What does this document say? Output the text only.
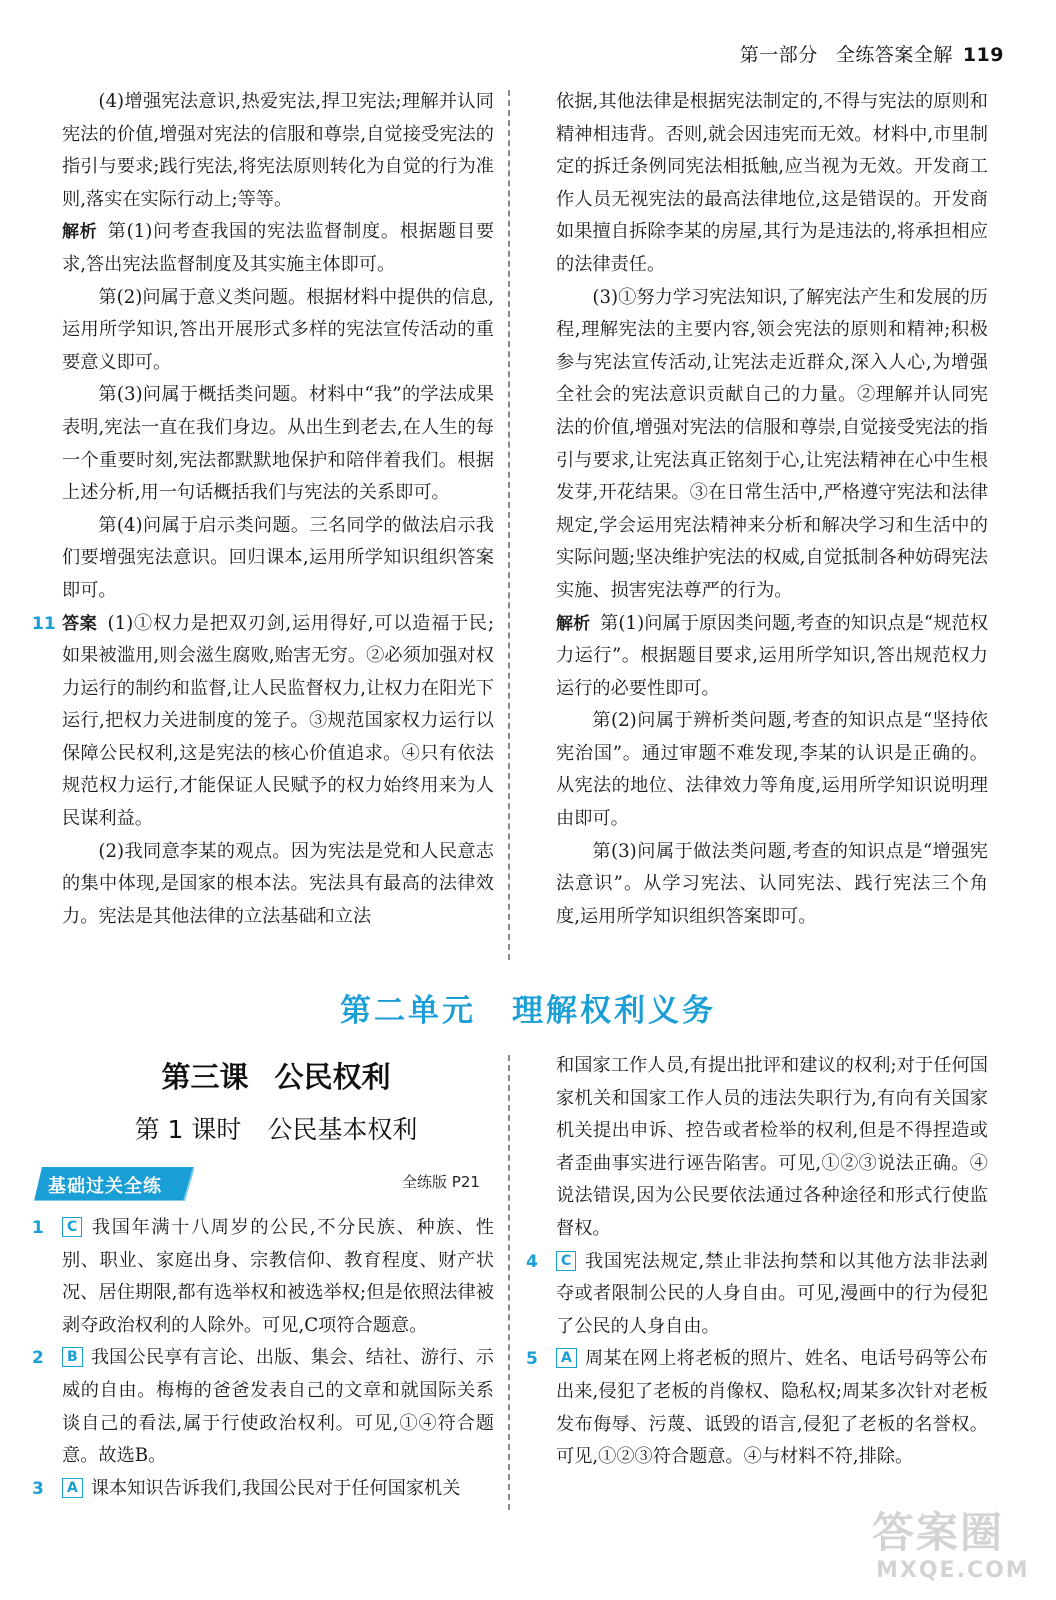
第一部分 全练答案全解 119

(4)增强宪法意识,热爱宪法,捍卫宪法;理解并认同宪法的价值,增强对宪法的信服和尊崇,自觉接受宪法的指引与要求;践行宪法,将宪法原则转化为自觉的行为准则,落实在实际行动上;等等。

解析 第(1)问考查我国的宪法监督制度。根据题目要求,答出宪法监督制度及其实施主体即可。

第(2)问属于意义类问题。根据材料中提供的信息,运用所学知识,答出开展形式多样的宪法宣传活动的重要意义即可。

第(3)问属于概括类问题。材料中“我”的学法成果表明,宪法一直在我们身边。从出生到老去,在人生的每一个重要时刻,宪法都默默地保护和陪伴着我们。根据上述分析,用一句话概括我们与宪法的关系即可。

第(4)问属于启示类问题。三名同学的做法启示我们要增强宪法意识。回归课本,运用所学知识组织答案即可。

11 答案 (1)①权力是把双刃剑,运用得好,可以造福于民;如果被滥用,则会滋生腐败,贻害无穷。②必须加强对权力运行的制约和监督,让人民监督权力,让权力在阳光下运行,把权力关进制度的笼子。③规范国家权力运行以保障公民权利,这是宪法的核心价值追求。④只有依法规范权力运行,才能保证人民赋予的权力始终用来为人民谋利益。

(2)我同意李某的观点。因为宪法是党和人民意志的集中体现,是国家的根本法。宪法具有最高的法律效力。宪法是其他法律的立法基础和立法

依据,其他法律是根据宪法制定的,不得与宪法的原则和精神相违背。否则,就会因违宪而无效。材料中,市里制定的拆迁条例同宪法相抵触,应当视为无效。开发商工作人员无视宪法的最高法律地位,这是错误的。开发商如果擅自拆除李某的房屋,其行为是违法的,将承担相应的法律责任。

(3)①努力学习宪法知识,了解宪法产生和发展的历程,理解宪法的主要内容,领会宪法的原则和精神;积极参与宪法宣传活动,让宪法走近群众,深入人心,为增强全社会的宪法意识贡献自己的力量。②理解并认同宪法的价值,增强对宪法的信服和尊崇,自觉接受宪法的指引与要求,让宪法真正铭刻于心,让宪法精神在心中生根发芽,开花结果。③在日常生活中,严格遵守宪法和法律规定,学会运用宪法精神来分析和解决学习和生活中的实际问题;坚决维护宪法的权威,自觉抵制各种妨碍宪法实施、损害宪法尊严的行为。

解析 第(1)问属于原因类问题,考查的知识点是“规范权力运行”。根据题目要求,运用所学知识,答出规范权力运行的必要性即可。

第(2)问属于辨析类问题,考查的知识点是“坚持依宪治国”。通过审题不难发现,李某的认识是正确的。从宪法的地位、法律效力等角度,运用所学知识说明理由即可。

第(3)问属于做法类问题,考查的知识点是“增强宪法意识”。从学习宪法、认同宪法、践行宪法三个角度,运用所学知识组织答案即可。

第二单元 理解权利义务
第三课 公民权利
第 1 课时 公民基本权利
基础过关全练	全练版 P21
1	C 我国年满十八周岁的公民,不分民族、种族、性别、职业、家庭出身、宗教信仰、教育程度、财产状况、居住期限,都有选举权和被选举权;但是依照法律被剥夺政治权利的人除外。可见,C项符合题意。

2	B 我国公民享有言论、出版、集会、结社、游行、示威的自由。梅梅的爸爸发表自己的文章和就国际关系谈自己的看法,属于行使政治权利。可见,①④符合题意。故选B。

3	A 课本知识告诉我们,我国公民对于任何国家机关

和国家工作人员,有提出批评和建议的权利;对于任何国家机关和国家工作人员的违法失职行为,有向有关国家机关提出申诉、控告或者检举的权利,但是不得捏造或者歪曲事实进行诬告陷害。可见,①②③说法正确。④说法错误,因为公民要依法通过各种途径和形式行使监督权。

4	C 我国宪法规定,禁止非法拘禁和以其他方法非法剥夺或者限制公民的人身自由。可见,漫画中的行为侵犯了公民的人身自由。

5	A 周某在网上将老板的照片、姓名、电话号码等公布出来,侵犯了老板的肖像权、隐私权;周某多次针对老板发布侮辱、污蔑、诋毁的语言,侵犯了老板的名誉权。可见,①②③符合题意。④与材料不符,排除。

答案圈
MXQE.COM
